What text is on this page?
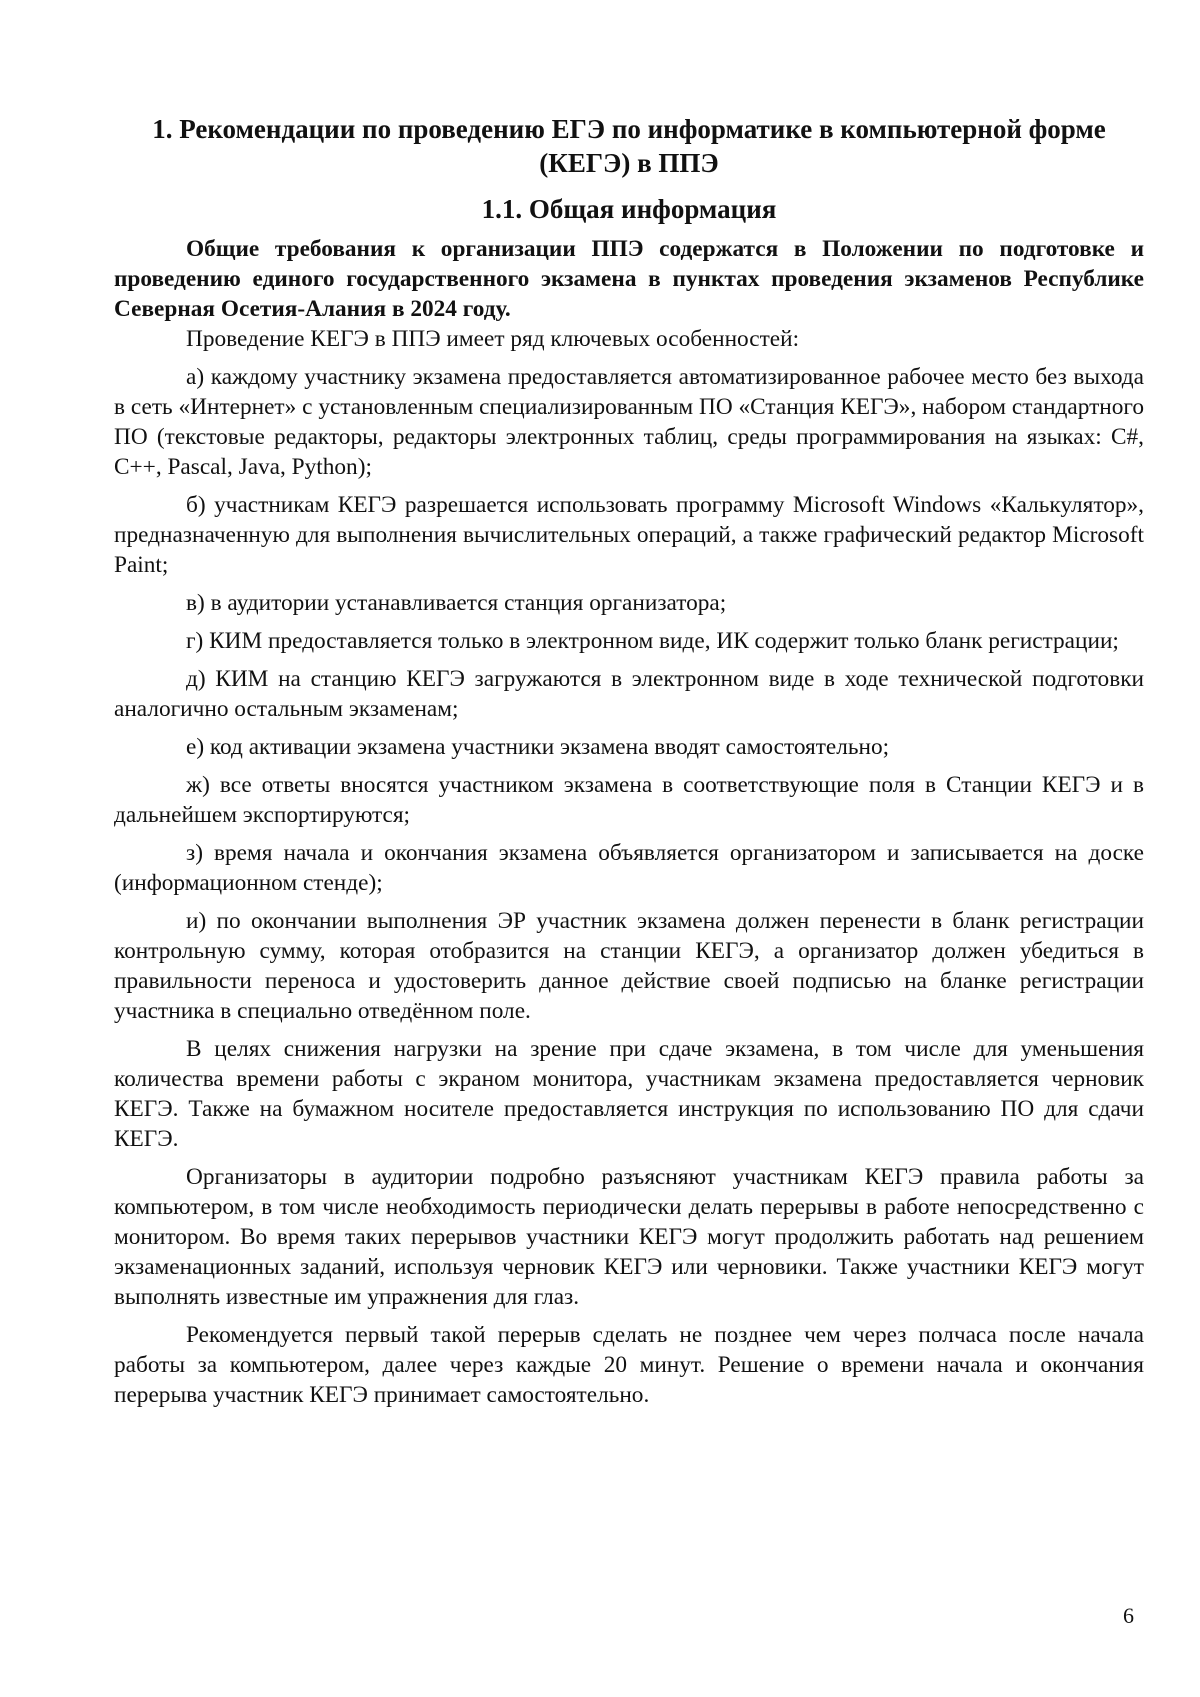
1. Рекомендации по проведению ЕГЭ по информатике в компьютерной форме (КЕГЭ) в ППЭ
1.1. Общая информация

Общие требования к организации ППЭ содержатся в Положении по подготовке и проведению единого государственного экзамена в пунктах проведения экзаменов Республике Северная Осетия-Алания в 2024 году.

Проведение КЕГЭ в ППЭ имеет ряд ключевых особенностей:

а) каждому участнику экзамена предоставляется автоматизированное рабочее место без выхода в сеть «Интернет» с установленным специализированным ПО «Станция КЕГЭ», набором стандартного ПО (текстовые редакторы, редакторы электронных таблиц, среды программирования на языках: C#, C++, Pascal, Java, Python);

б) участникам КЕГЭ разрешается использовать программу Microsoft Windows «Калькулятор», предназначенную для выполнения вычислительных операций, а также графический редактор Microsoft Paint;

в) в аудитории устанавливается станция организатора;

г) КИМ предоставляется только в электронном виде, ИК содержит только бланк регистрации;

д) КИМ на станцию КЕГЭ загружаются в электронном виде в ходе технической подготовки аналогично остальным экзаменам;

е) код активации экзамена участники экзамена вводят самостоятельно;

ж) все ответы вносятся участником экзамена в соответствующие поля в Станции КЕГЭ и в дальнейшем экспортируются;

з) время начала и окончания экзамена объявляется организатором и записывается на доске (информационном стенде);

и) по окончании выполнения ЭР участник экзамена должен перенести в бланк регистрации контрольную сумму, которая отобразится на станции КЕГЭ, а организатор должен убедиться в правильности переноса и удостоверить данное действие своей подписью на бланке регистрации участника в специально отведённом поле.

В целях снижения нагрузки на зрение при сдаче экзамена, в том числе для уменьшения количества времени работы с экраном монитора, участникам экзамена предоставляется черновик КЕГЭ. Также на бумажном носителе предоставляется инструкция по использованию ПО для сдачи КЕГЭ.

Организаторы в аудитории подробно разъясняют участникам КЕГЭ правила работы за компьютером, в том числе необходимость периодически делать перерывы в работе непосредственно с монитором. Во время таких перерывов участники КЕГЭ могут продолжить работать над решением экзаменационных заданий, используя черновик КЕГЭ или черновики. Также участники КЕГЭ могут выполнять известные им упражнения для глаз.

Рекомендуется первый такой перерыв сделать не позднее чем через полчаса после начала работы за компьютером, далее через каждые 20 минут. Решение о времени начала и окончания перерыва участник КЕГЭ принимает самостоятельно.

6
